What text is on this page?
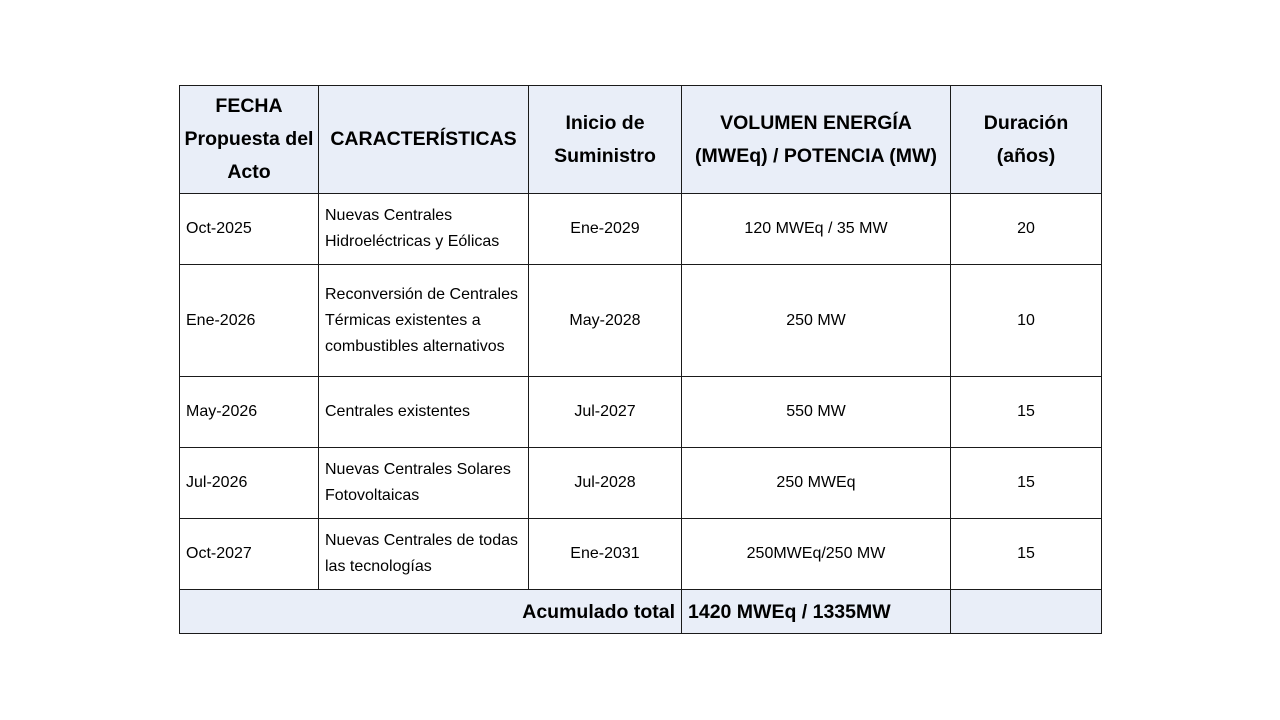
FECHA Propuesta del Acto	CARACTERÍSTICAS	Inicio de Suministro	VOLUMEN ENERGÍA (MWEq) / POTENCIA (MW)	Duración (años)
Oct-2025	Nuevas Centrales Hidroeléctricas y Eólicas	Ene-2029	120 MWEq / 35 MW	20
Ene-2026	Reconversión de Centrales Térmicas existentes a combustibles alternativos	May-2028	250 MW	10
May-2026	Centrales existentes	Jul-2027	550 MW	15
Jul-2026	Nuevas Centrales Solares Fotovoltaicas	Jul-2028	250 MWEq	15
Oct-2027	Nuevas Centrales de todas las tecnologías	Ene-2031	250MWEq/250 MW	15
Acumulado total			1420 MWEq / 1335MW	
